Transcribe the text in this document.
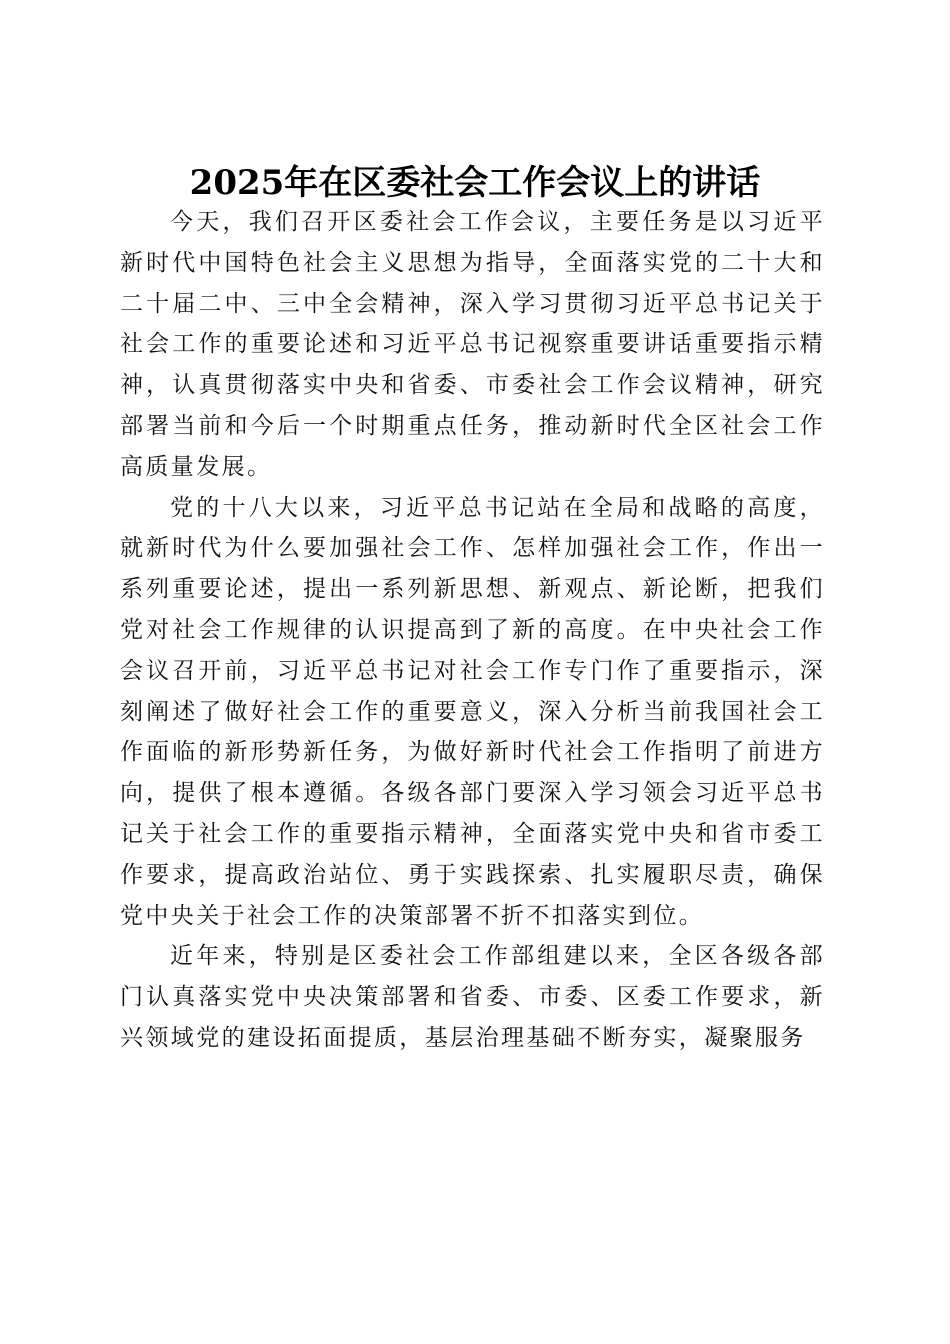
2025年在区委社会工作会议上的讲话

今天，我们召开区委社会工作会议，主要任务是以习近平新时代中国特色社会主义思想为指导，全面落实党的二十大和二十届二中、三中全会精神，深入学习贯彻习近平总书记关于社会工作的重要论述和习近平总书记视察重要讲话重要指示精神，认真贯彻落实中央和省委、市委社会工作会议精神，研究部署当前和今后一个时期重点任务，推动新时代全区社会工作高质量发展。

党的十八大以来，习近平总书记站在全局和战略的高度，就新时代为什么要加强社会工作、怎样加强社会工作，作出一系列重要论述，提出一系列新思想、新观点、新论断，把我们党对社会工作规律的认识提高到了新的高度。在中央社会工作会议召开前，习近平总书记对社会工作专门作了重要指示，深刻阐述了做好社会工作的重要意义，深入分析当前我国社会工作面临的新形势新任务，为做好新时代社会工作指明了前进方向，提供了根本遵循。各级各部门要深入学习领会习近平总书记关于社会工作的重要指示精神，全面落实党中央和省市委工作要求，提高政治站位、勇于实践探索、扎实履职尽责，确保党中央关于社会工作的决策部署不折不扣落实到位。

近年来，特别是区委社会工作部组建以来，全区各级各部门认真落实党中央决策部署和省委、市委、区委工作要求，新兴领域党的建设拓面提质，基层治理基础不断夯实，凝聚服务
